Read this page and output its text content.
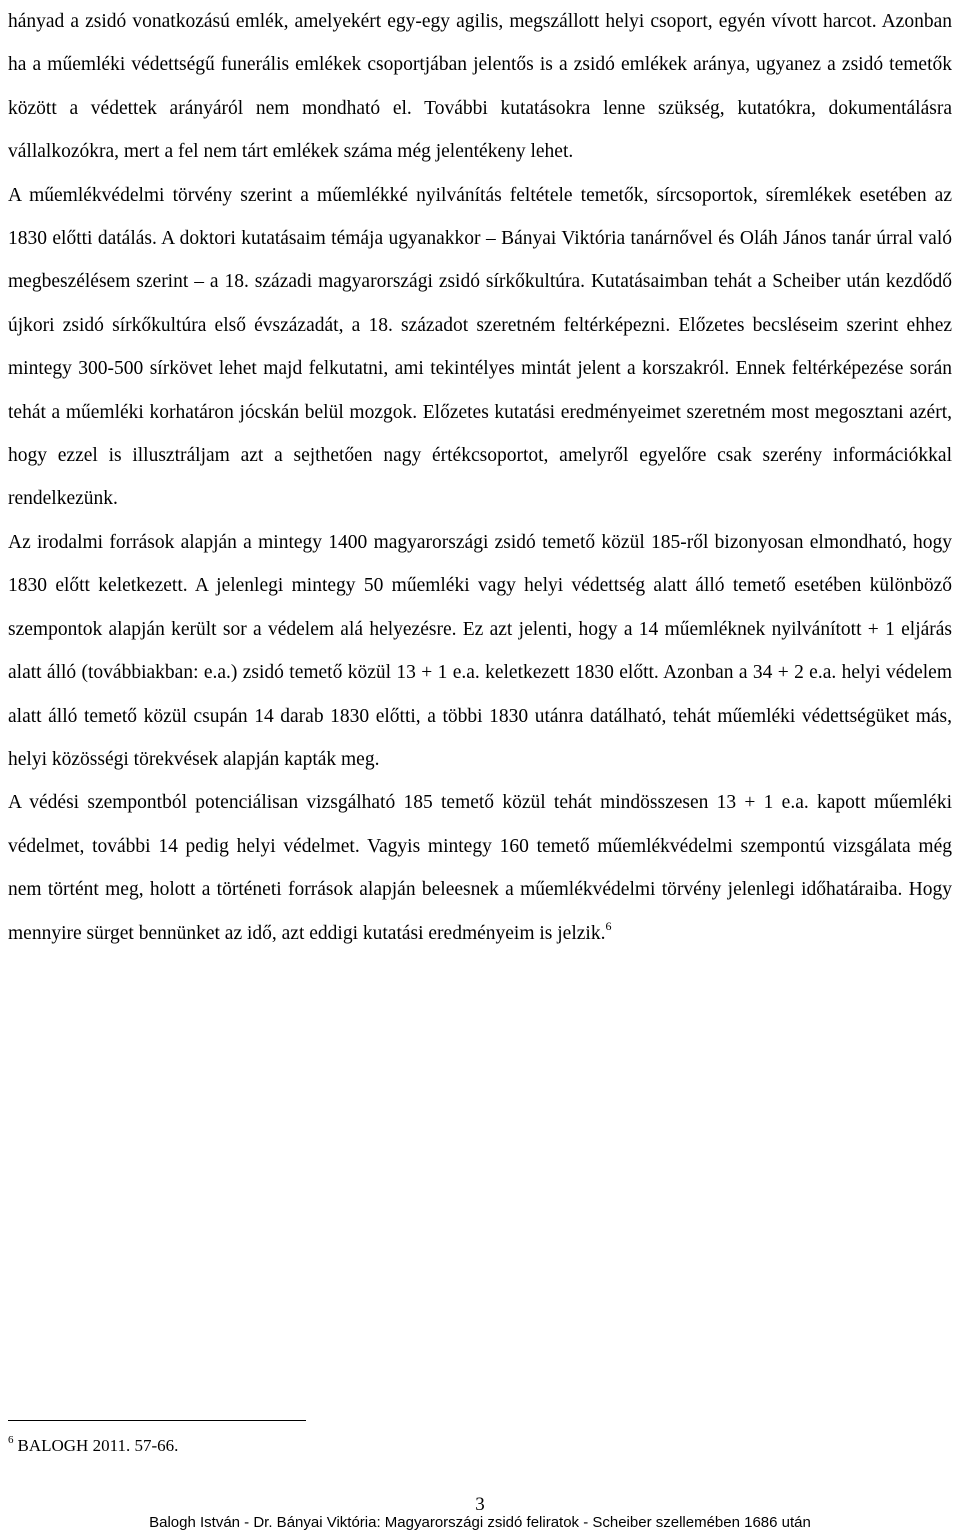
hányad a zsidó vonatkozású emlék, amelyekért egy-egy agilis, megszállott helyi csoport, egyén vívott harcot. Azonban ha a műemléki védettségű funerális emlékek csoportjában jelentős is a zsidó emlékek aránya, ugyanez a zsidó temetők között a védettek arányáról nem mondható el. További kutatásokra lenne szükség, kutatókra, dokumentálásra vállalkozókra, mert a fel nem tárt emlékek száma még jelentékeny lehet.

A műemlékvédelmi törvény szerint a műemlékké nyilvánítás feltétele temetők, sírcsoportok, síremlékek esetében az 1830 előtti datálás. A doktori kutatásaim témája ugyanakkor – Bányai Viktória tanárnővel és Oláh János tanár úrral való megbeszélésem szerint – a 18. századi magyarországi zsidó sírkőkultúra. Kutatásaimban tehát a Scheiber után kezdődő újkori zsidó sírkőkultúra első évszázadát, a 18. századot szeretném feltérképezni. Előzetes becsléseim szerint ehhez mintegy 300-500 sírkövet lehet majd felkutatni, ami tekintélyes mintát jelent a korszakról. Ennek feltérképezése során tehát a műemléki korhatáron jócskán belül mozgok. Előzetes kutatási eredményeimet szeretném most megosztani azért, hogy ezzel is illusztráljam azt a sejthetően nagy értékcsoportot, amelyről egyelőre csak szerény információkkal rendelkezünk.

Az irodalmi források alapján a mintegy 1400 magyarországi zsidó temető közül 185-ről bizonyosan elmondható, hogy 1830 előtt keletkezett. A jelenlegi mintegy 50 műemléki vagy helyi védettség alatt álló temető esetében különböző szempontok alapján került sor a védelem alá helyezésre. Ez azt jelenti, hogy a 14 műemléknek nyilvánított + 1 eljárás alatt álló (továbbiakban: e.a.) zsidó temető közül 13 + 1 e.a. keletkezett 1830 előtt. Azonban a 34 + 2 e.a. helyi védelem alatt álló temető közül csupán 14 darab 1830 előtti, a többi 1830 utánra datálható, tehát műemléki védettségüket más, helyi közösségi törekvések alapján kapták meg.

A védési szempontból potenciálisan vizsgálható 185 temető közül tehát mindösszesen 13 + 1 e.a. kapott műemléki védelmet, további 14 pedig helyi védelmet. Vagyis mintegy 160 temető műemlékvédelmi szempontú vizsgálata még nem történt meg, holott a történeti források alapján beleesnek a műemlékvédelmi törvény jelenlegi időhatáraiba. Hogy mennyire sürget bennünket az idő, azt eddigi kutatási eredményeim is jelzik.$^6$

$^6$ BALOGH 2011. 57-66.
3
Balogh István - Dr. Bányai Viktória: Magyarországi zsidó feliratok - Scheiber szellemében 1686 után
